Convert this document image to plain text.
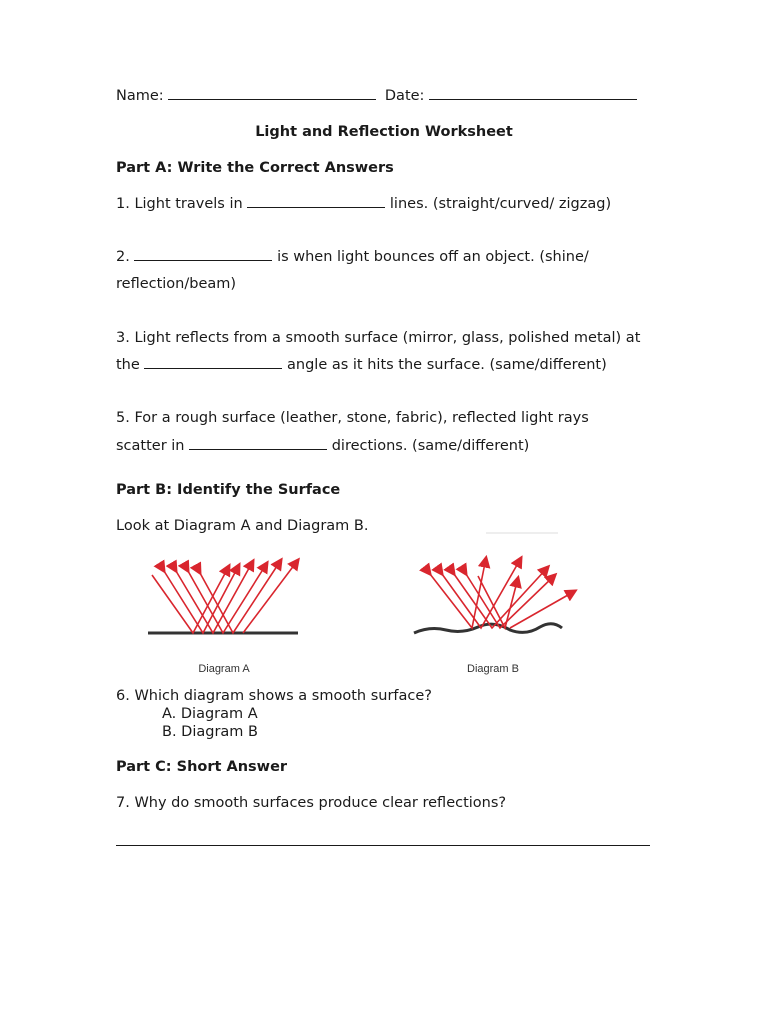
Name:	Date:
Light and Reflection Worksheet
Part A: Write the Correct Answers
1. Light travels in	lines. (straight/curved/ zigzag)
2.	is when light bounces off an object. (shine/
reflection/beam)
3. Light reflects from a smooth surface (mirror, glass, polished metal) at
the	angle as it hits the surface. (same/different)
5. For a rough surface (leather, stone, fabric), reflected light rays
scatter in	directions. (same/different)
Part B: Identify the Surface
Look at Diagram A and Diagram B.
Diagram A	Diagram B
6. Which diagram shows a smooth surface?
A. Diagram A
B. Diagram B
Part C: Short Answer
7. Why do smooth surfaces produce clear reflections?
